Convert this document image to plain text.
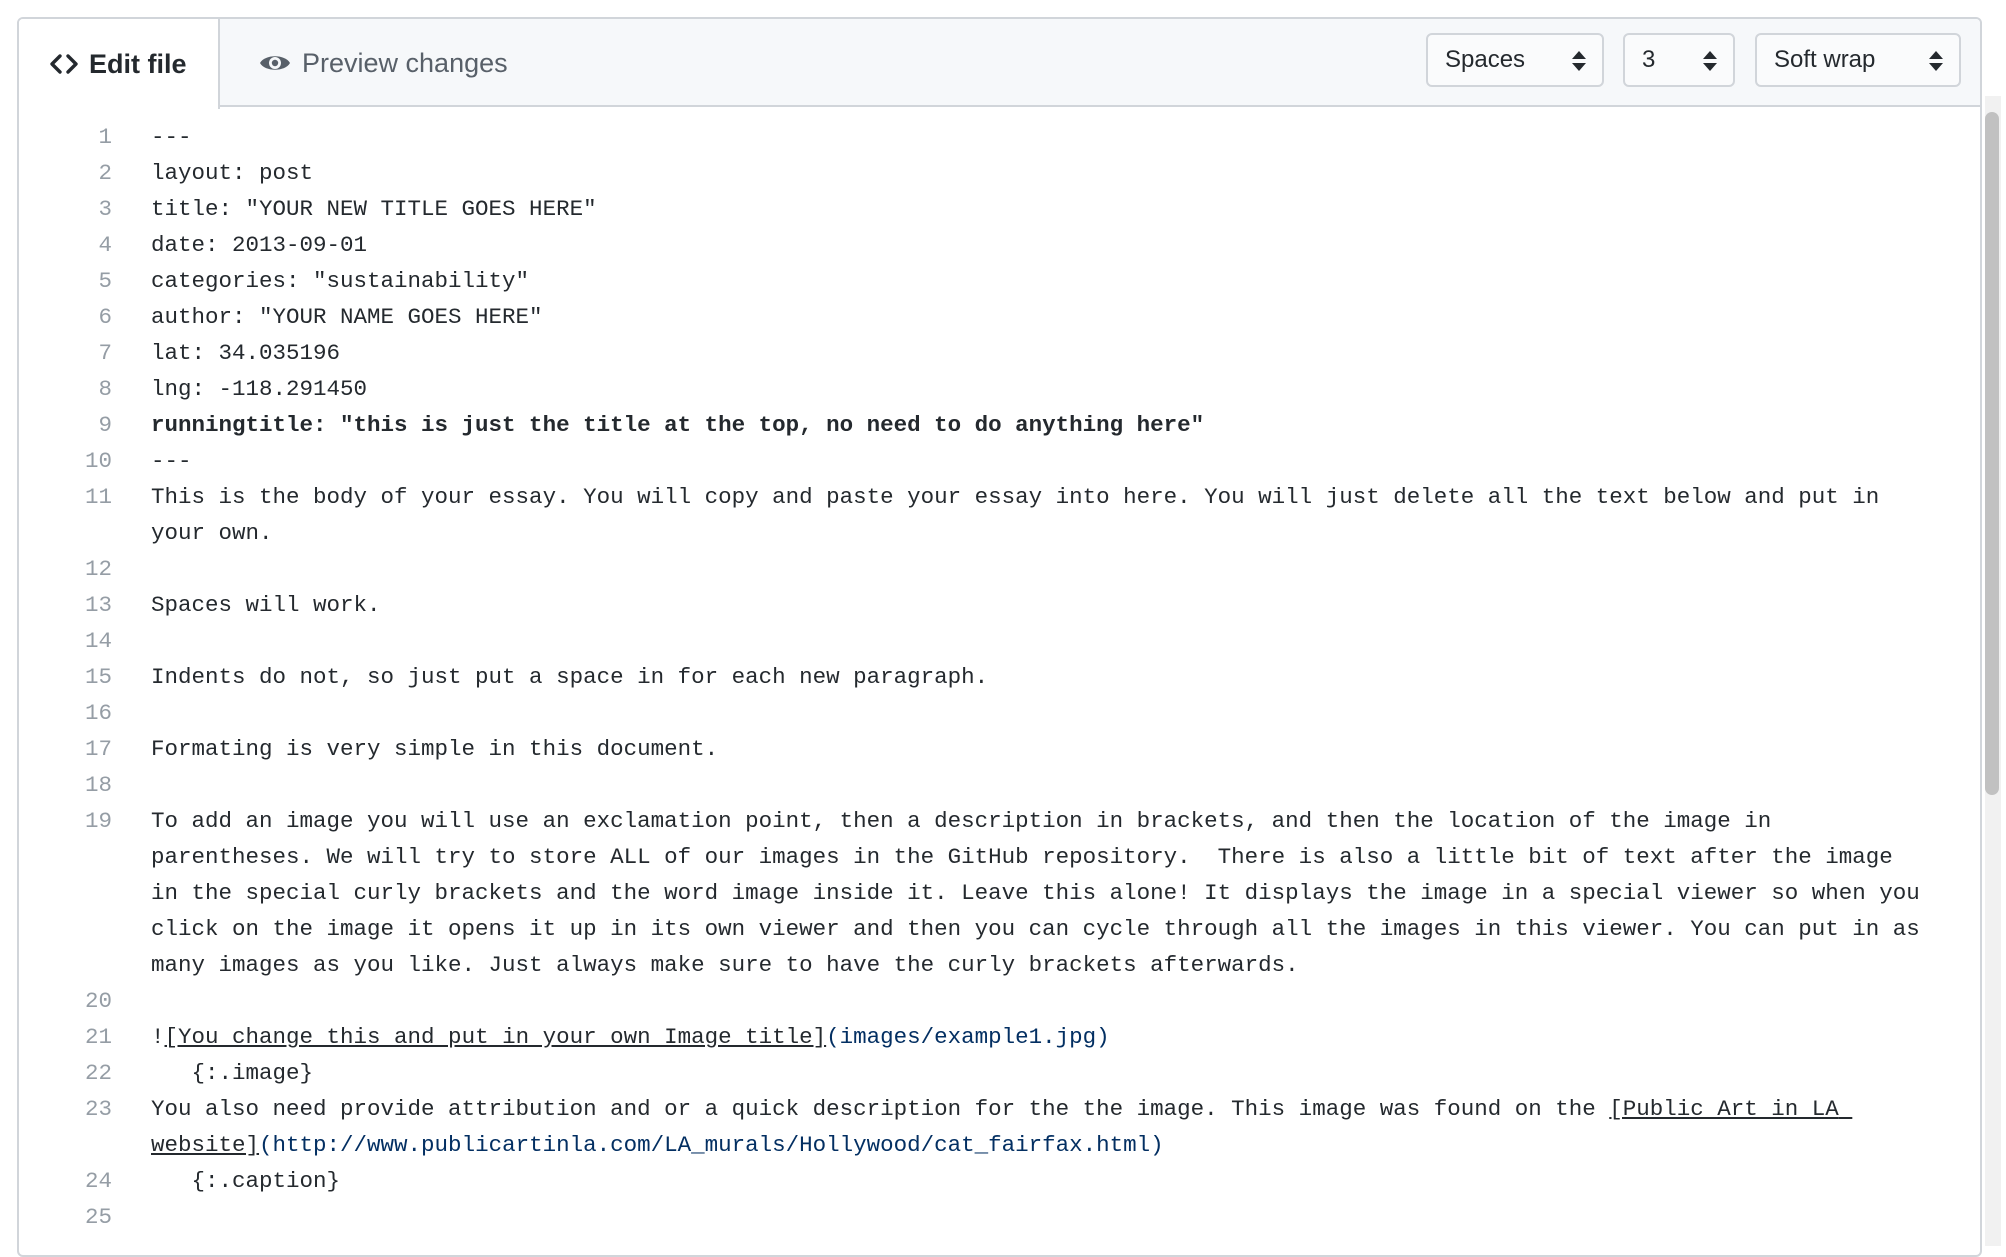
Edit file	Preview changes	Spaces	3	Soft wrap
1	---
2	layout: post
3	title: "YOUR NEW TITLE GOES HERE"
4	date: 2013-09-01
5	categories: "sustainability"
6	author: "YOUR NAME GOES HERE"
7	lat: 34.035196
8	lng: -118.291450
9	runningtitle: "this is just the title at the top, no need to do anything here"
10	---
11	This is the body of your essay. You will copy and paste your essay into here. You will just delete all the text below and put in your own.
12
13	Spaces will work.
14
15	Indents do not, so just put a space in for each new paragraph.
16
17	Formating is very simple in this document.
18
19	To add an image you will use an exclamation point, then a description in brackets, and then the location of the image in parentheses. We will try to store ALL of our images in the GitHub repository.  There is also a little bit of text after the image in the special curly brackets and the word image inside it. Leave this alone! It displays the image in a special viewer so when you click on the image it opens it up in its own viewer and then you can cycle through all the images in this viewer. You can put in as many images as you like. Just always make sure to have the curly brackets afterwards.
20
21	![You change this and put in your own Image title](images/example1.jpg)
22	{:.image}
23	You also need provide attribution and or a quick description for the the image. This image was found on the [Public Art in LA website](http://www.publicartinla.com/LA_murals/Hollywood/cat_fairfax.html)
24	{:.caption}
25
